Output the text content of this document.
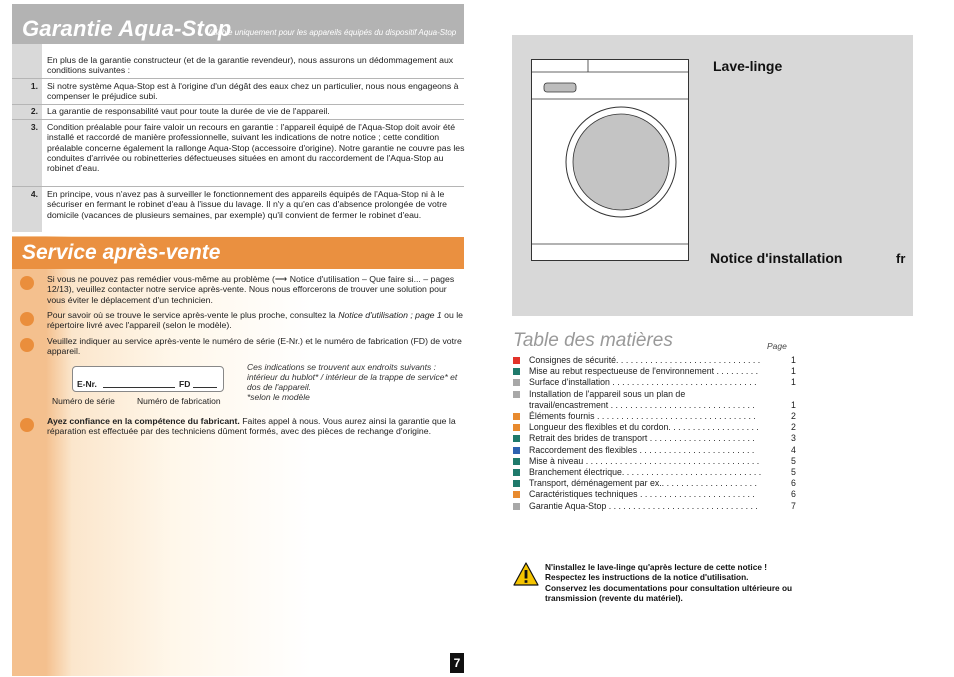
Garantie Aqua-Stop
Valable uniquement pour les appareils équipés du dispositif Aqua-Stop
En plus de la garantie constructeur (et de la garantie revendeur), nous assurons un dédommagement aux conditions suivantes :
1. Si notre système Aqua-Stop est à l'origine d'un dégât des eaux chez un particulier, nous nous engageons à compenser le préjudice subi.
2. La garantie de responsabilité vaut pour toute la durée de vie de l'appareil.
3. Condition préalable pour faire valoir un recours en garantie : l'appareil équipé de l'Aqua-Stop doit avoir été installé et raccordé de manière professionnelle, suivant les indications de notre notice ; cette condition préalable concerne également la rallonge Aqua-Stop (accessoire d'origine). Notre garantie ne couvre pas les conduites d'arrivée ou robinetteries défectueuses situées en amont du raccordement de l'Aqua-Stop au robinet d'eau.
4. En principe, vous n'avez pas à surveiller le fonctionnement des appareils équipés de l'Aqua-Stop ni à le sécuriser en fermant le robinet d'eau à l'issue du lavage. Il n'y a qu'en cas d'absence prolongée de votre domicile (vacances de plusieurs semaines, par exemple) qu'il convient de fermer le robinet d'eau.
Service après-vente
Si vous ne pouvez pas remédier vous-même au problème (⟶ Notice d'utilisation – Que faire si... – pages 12/13), veuillez contacter notre service après-vente. Nous nous efforcerons de trouver une solution pour vous éviter le déplacement d'un technicien.
Pour savoir où se trouve le service après-vente le plus proche, consultez la Notice d'utilisation ; page 1 ou le répertoire livré avec l'appareil (selon le modèle).
Veuillez indiquer au service après-vente le numéro de série (E-Nr.) et le numéro de fabrication (FD) de votre appareil.
E-Nr.	FD
Numéro de série	Numéro de fabrication
Ces indications se trouvent aux endroits suivants :
intérieur du hublot* / intérieur de la trappe de service* et dos de l'appareil.
*selon le modèle
Ayez confiance en la compétence du fabricant. Faites appel à nous. Vous aurez ainsi la garantie que la réparation est effectuée par des techniciens dûment formés, avec des pièces de rechange d'origine.
7
Lave-linge
Notice d'installation	fr
Table des matières	Page
Consignes de sécurité. . . . . . . . . . . . . . . . . . . . . . . . . . . . . .	1
Mise au rebut respectueuse de l'environnement . . . . . . . . .	1
Surface d'installation . . . . . . . . . . . . . . . . . . . . . . . . . . . . . .	1
Installation de l'appareil sous un plan de
travail/encastrement . . . . . . . . . . . . . . . . . . . . . . . . . . . . . .	1
Éléments fournis . . . . . . . . . . . . . . . . . . . . . . . . . . . . . . . . .	2
Longueur des flexibles et du cordon. . . . . . . . . . . . . . . . . . .	2
Retrait des brides de transport . . . . . . . . . . . . . . . . . . . . . .	3
Raccordement des flexibles . . . . . . . . . . . . . . . . . . . . . . . .	4
Mise à niveau . . . . . . . . . . . . . . . . . . . . . . . . . . . . . . . . . . . .	5
Branchement électrique. . . . . . . . . . . . . . . . . . . . . . . . . . . . .	5
Transport, déménagement par ex.. . . . . . . . . . . . . . . . . . . .	6
Caractéristiques techniques . . . . . . . . . . . . . . . . . . . . . . . .	6
Garantie Aqua-Stop . . . . . . . . . . . . . . . . . . . . . . . . . . . . . . .	7
N'installez le lave-linge qu'après lecture de cette notice !
Respectez les instructions de la notice d'utilisation.
Conservez les documentations pour consultation ultérieure ou transmission (revente du matériel).
